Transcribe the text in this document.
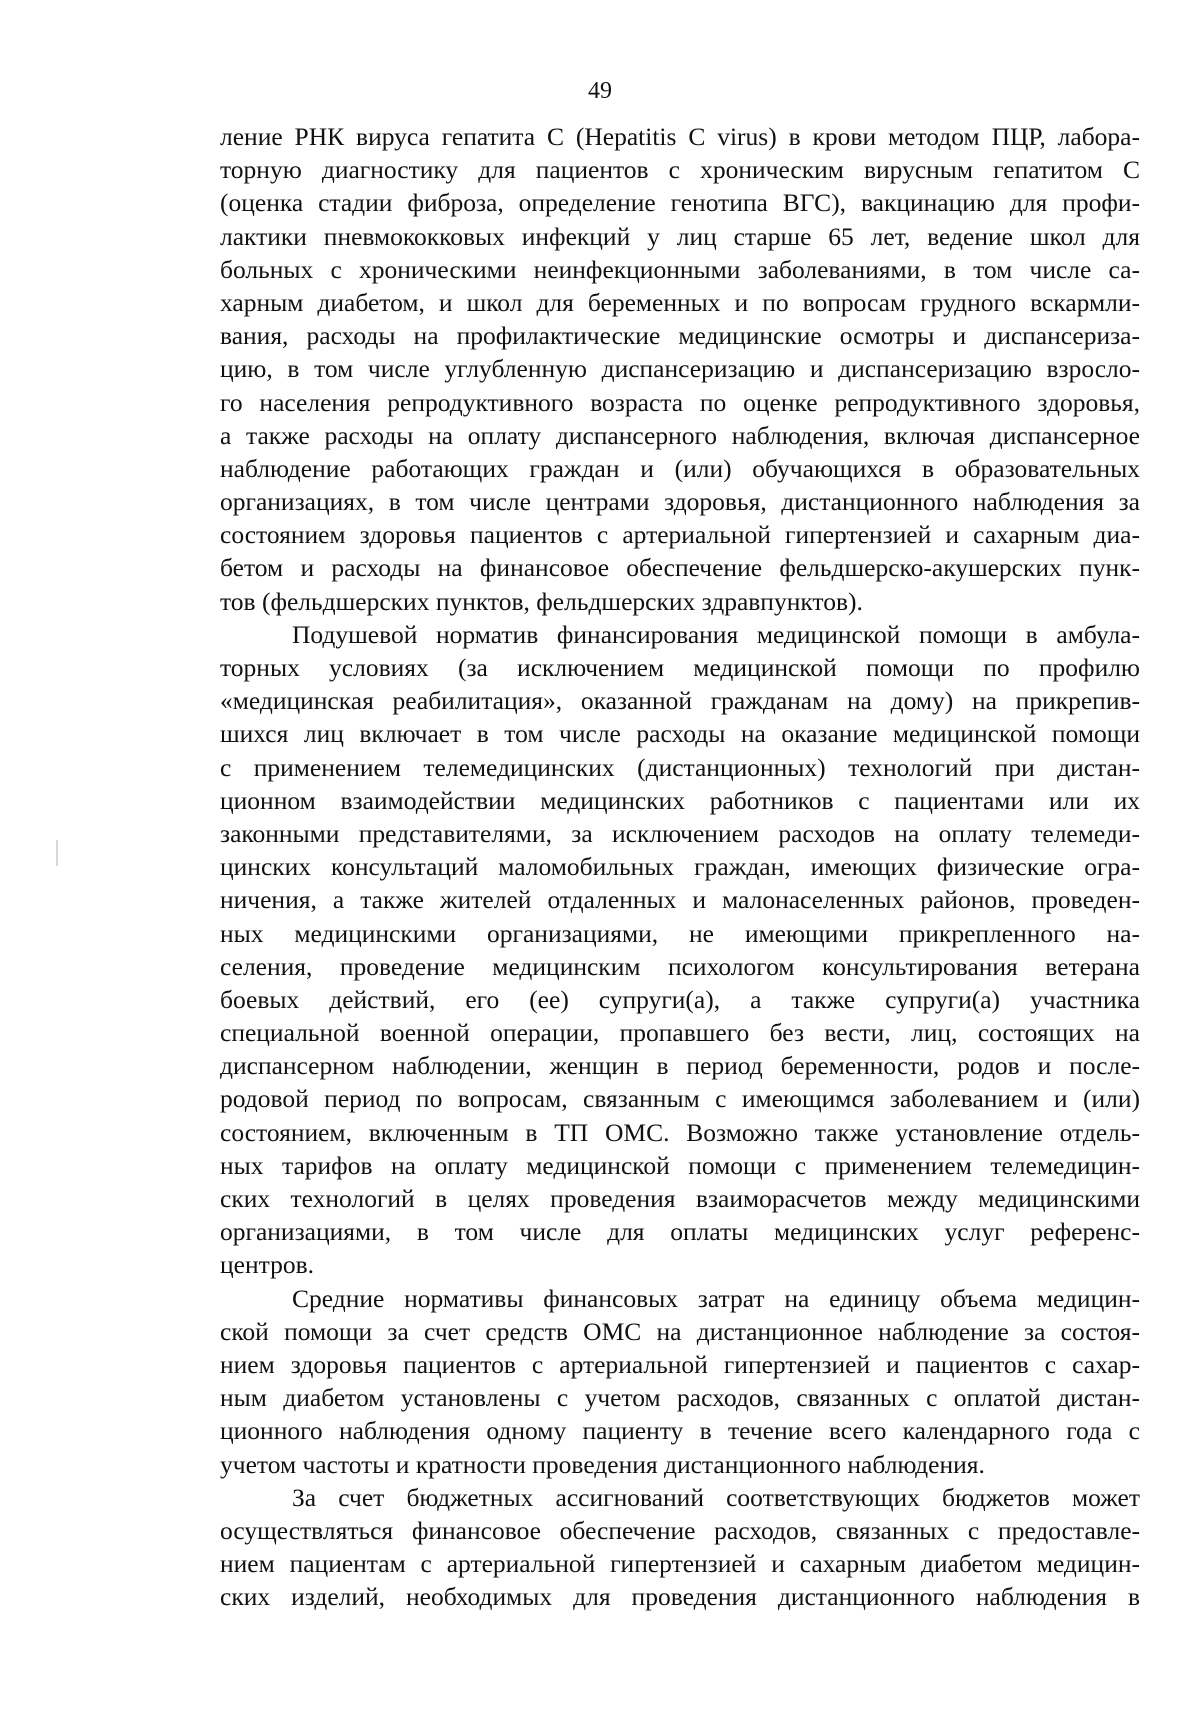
49
ление РНК вируса гепатита С (Hepatitis C virus) в крови методом ПЦР, лабора-
торную диагностику для пациентов с хроническим вирусным гепатитом С
(оценка стадии фиброза, определение генотипа ВГС), вакцинацию для профи-
лактики пневмококковых инфекций у лиц старше 65 лет, ведение школ для
больных с хроническими неинфекционными заболеваниями, в том числе са-
харным диабетом, и школ для беременных и по вопросам грудного вскармли-
вания, расходы на профилактические медицинские осмотры и диспансериза-
цию, в том числе углубленную диспансеризацию и диспансеризацию взросло-
го населения репродуктивного возраста по оценке репродуктивного здоровья,
а также расходы на оплату диспансерного наблюдения, включая диспансерное
наблюдение работающих граждан и (или) обучающихся в образовательных
организациях, в том числе центрами здоровья, дистанционного наблюдения за
состоянием здоровья пациентов с артериальной гипертензией и сахарным диа-
бетом и расходы на финансовое обеспечение фельдшерско-акушерских пунк-
тов (фельдшерских пунктов, фельдшерских здравпунктов).
Подушевой норматив финансирования медицинской помощи в амбула-
торных условиях (за исключением медицинской помощи по профилю
«медицинская реабилитация», оказанной гражданам на дому) на прикрепив-
шихся лиц включает в том числе расходы на оказание медицинской помощи
с применением телемедицинских (дистанционных) технологий при дистан-
ционном взаимодействии медицинских работников с пациентами или их
законными представителями, за исключением расходов на оплату телемеди-
цинских консультаций маломобильных граждан, имеющих физические огра-
ничения, а также жителей отдаленных и малонаселенных районов, проведен-
ных медицинскими организациями, не имеющими прикрепленного на-
селения, проведение медицинским психологом консультирования ветерана
боевых действий, его (ее) супруги(а), а также супруги(а) участника
специальной военной операции, пропавшего без вести, лиц, состоящих на
диспансерном наблюдении, женщин в период беременности, родов и после-
родовой период по вопросам, связанным с имеющимся заболеванием и (или)
состоянием, включенным в ТП ОМС. Возможно также установление отдель-
ных тарифов на оплату медицинской помощи с применением телемедицин-
ских технологий в целях проведения взаиморасчетов между медицинскими
организациями, в том числе для оплаты медицинских услуг референс-
центров.
Средние нормативы финансовых затрат на единицу объема медицин-
ской помощи за счет средств ОМС на дистанционное наблюдение за состоя-
нием здоровья пациентов с артериальной гипертензией и пациентов с сахар-
ным диабетом установлены с учетом расходов, связанных с оплатой дистан-
ционного наблюдения одному пациенту в течение всего календарного года с
учетом частоты и кратности проведения дистанционного наблюдения.
За счет бюджетных ассигнований соответствующих бюджетов может
осуществляться финансовое обеспечение расходов, связанных с предоставле-
нием пациентам с артериальной гипертензией и сахарным диабетом медицин-
ских изделий, необходимых для проведения дистанционного наблюдения в
